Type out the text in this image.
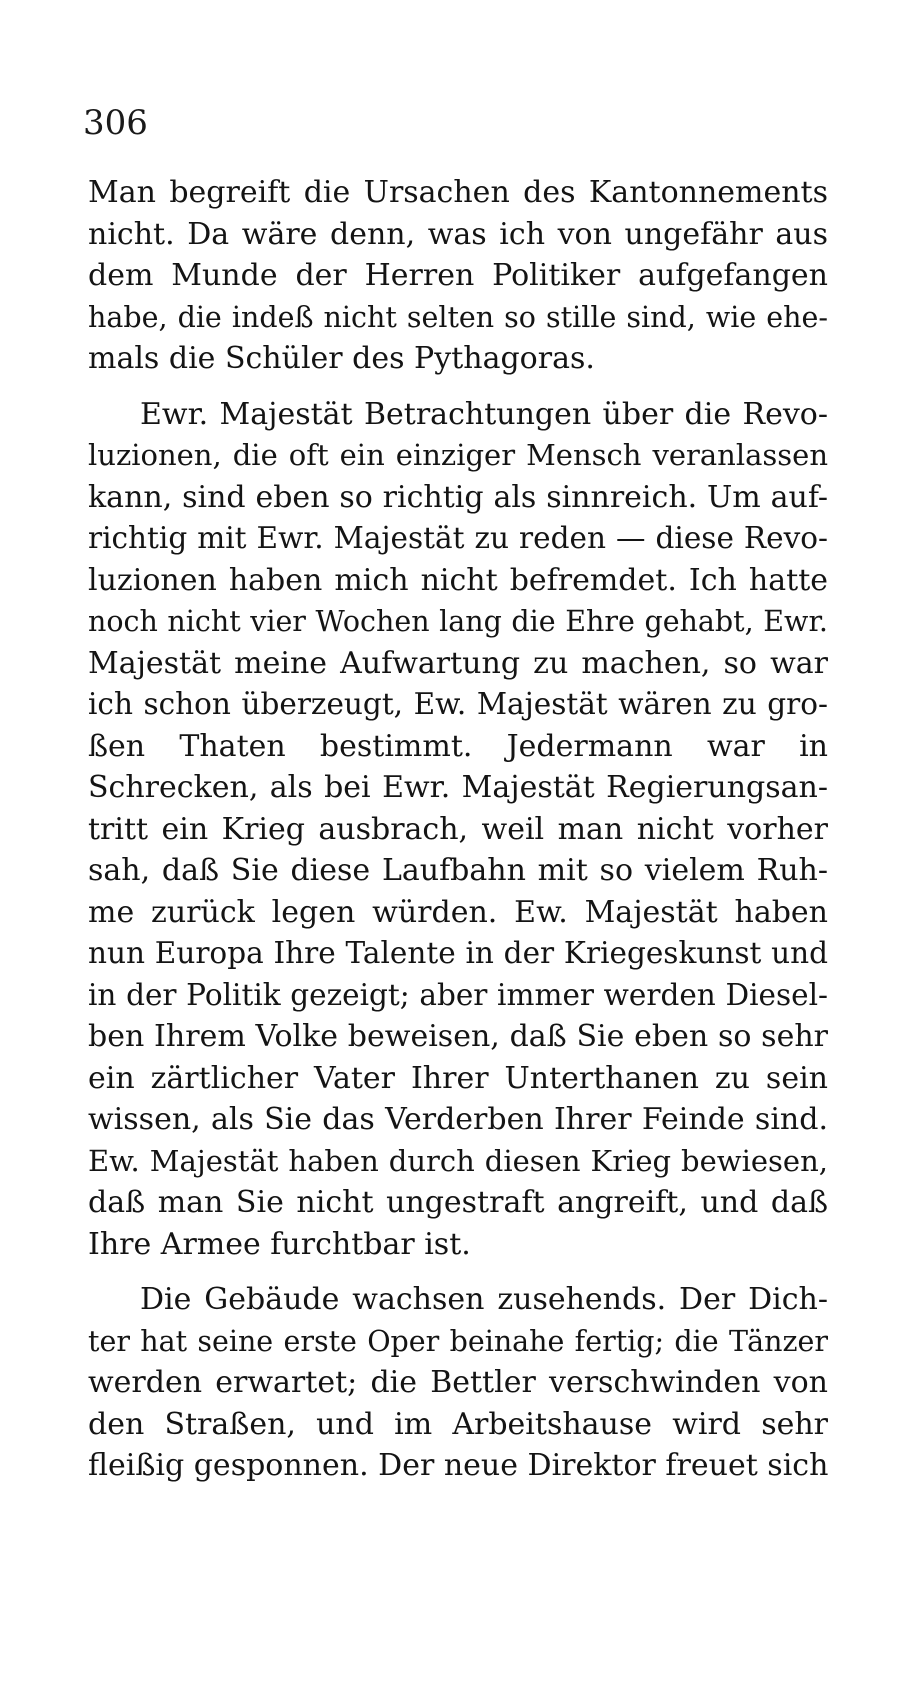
306
Man begreift die Ursachen des Kantonnements
nicht. Da wäre denn, was ich von ungefähr aus
dem Munde der Herren Politiker aufgefangen
habe, die indeß nicht selten so stille sind, wie ehe-
mals die Schüler des Pythagoras.
Ewr. Majestät Betrachtungen über die Revo-
luzionen, die oft ein einziger Mensch veranlassen
kann, sind eben so richtig als sinnreich. Um auf-
richtig mit Ewr. Majestät zu reden — diese Revo-
luzionen haben mich nicht befremdet. Ich hatte
noch nicht vier Wochen lang die Ehre gehabt, Ewr.
Majestät meine Aufwartung zu machen, so war
ich schon überzeugt, Ew. Majestät wären zu gro-
ßen Thaten bestimmt. Jedermann war in
Schrecken, als bei Ewr. Majestät Regierungsan-
tritt ein Krieg ausbrach, weil man nicht vorher
sah, daß Sie diese Laufbahn mit so vielem Ruh-
me zurück legen würden. Ew. Majestät haben
nun Europa Ihre Talente in der Kriegeskunst und
in der Politik gezeigt; aber immer werden Diesel-
ben Ihrem Volke beweisen, daß Sie eben so sehr
ein zärtlicher Vater Ihrer Unterthanen zu sein
wissen, als Sie das Verderben Ihrer Feinde sind.
Ew. Majestät haben durch diesen Krieg bewiesen,
daß man Sie nicht ungestraft angreift, und daß
Ihre Armee furchtbar ist.
Die Gebäude wachsen zusehends. Der Dich-
ter hat seine erste Oper beinahe fertig; die Tänzer
werden erwartet; die Bettler verschwinden von
den Straßen, und im Arbeitshause wird sehr
fleißig gesponnen. Der neue Direktor freuet sich
